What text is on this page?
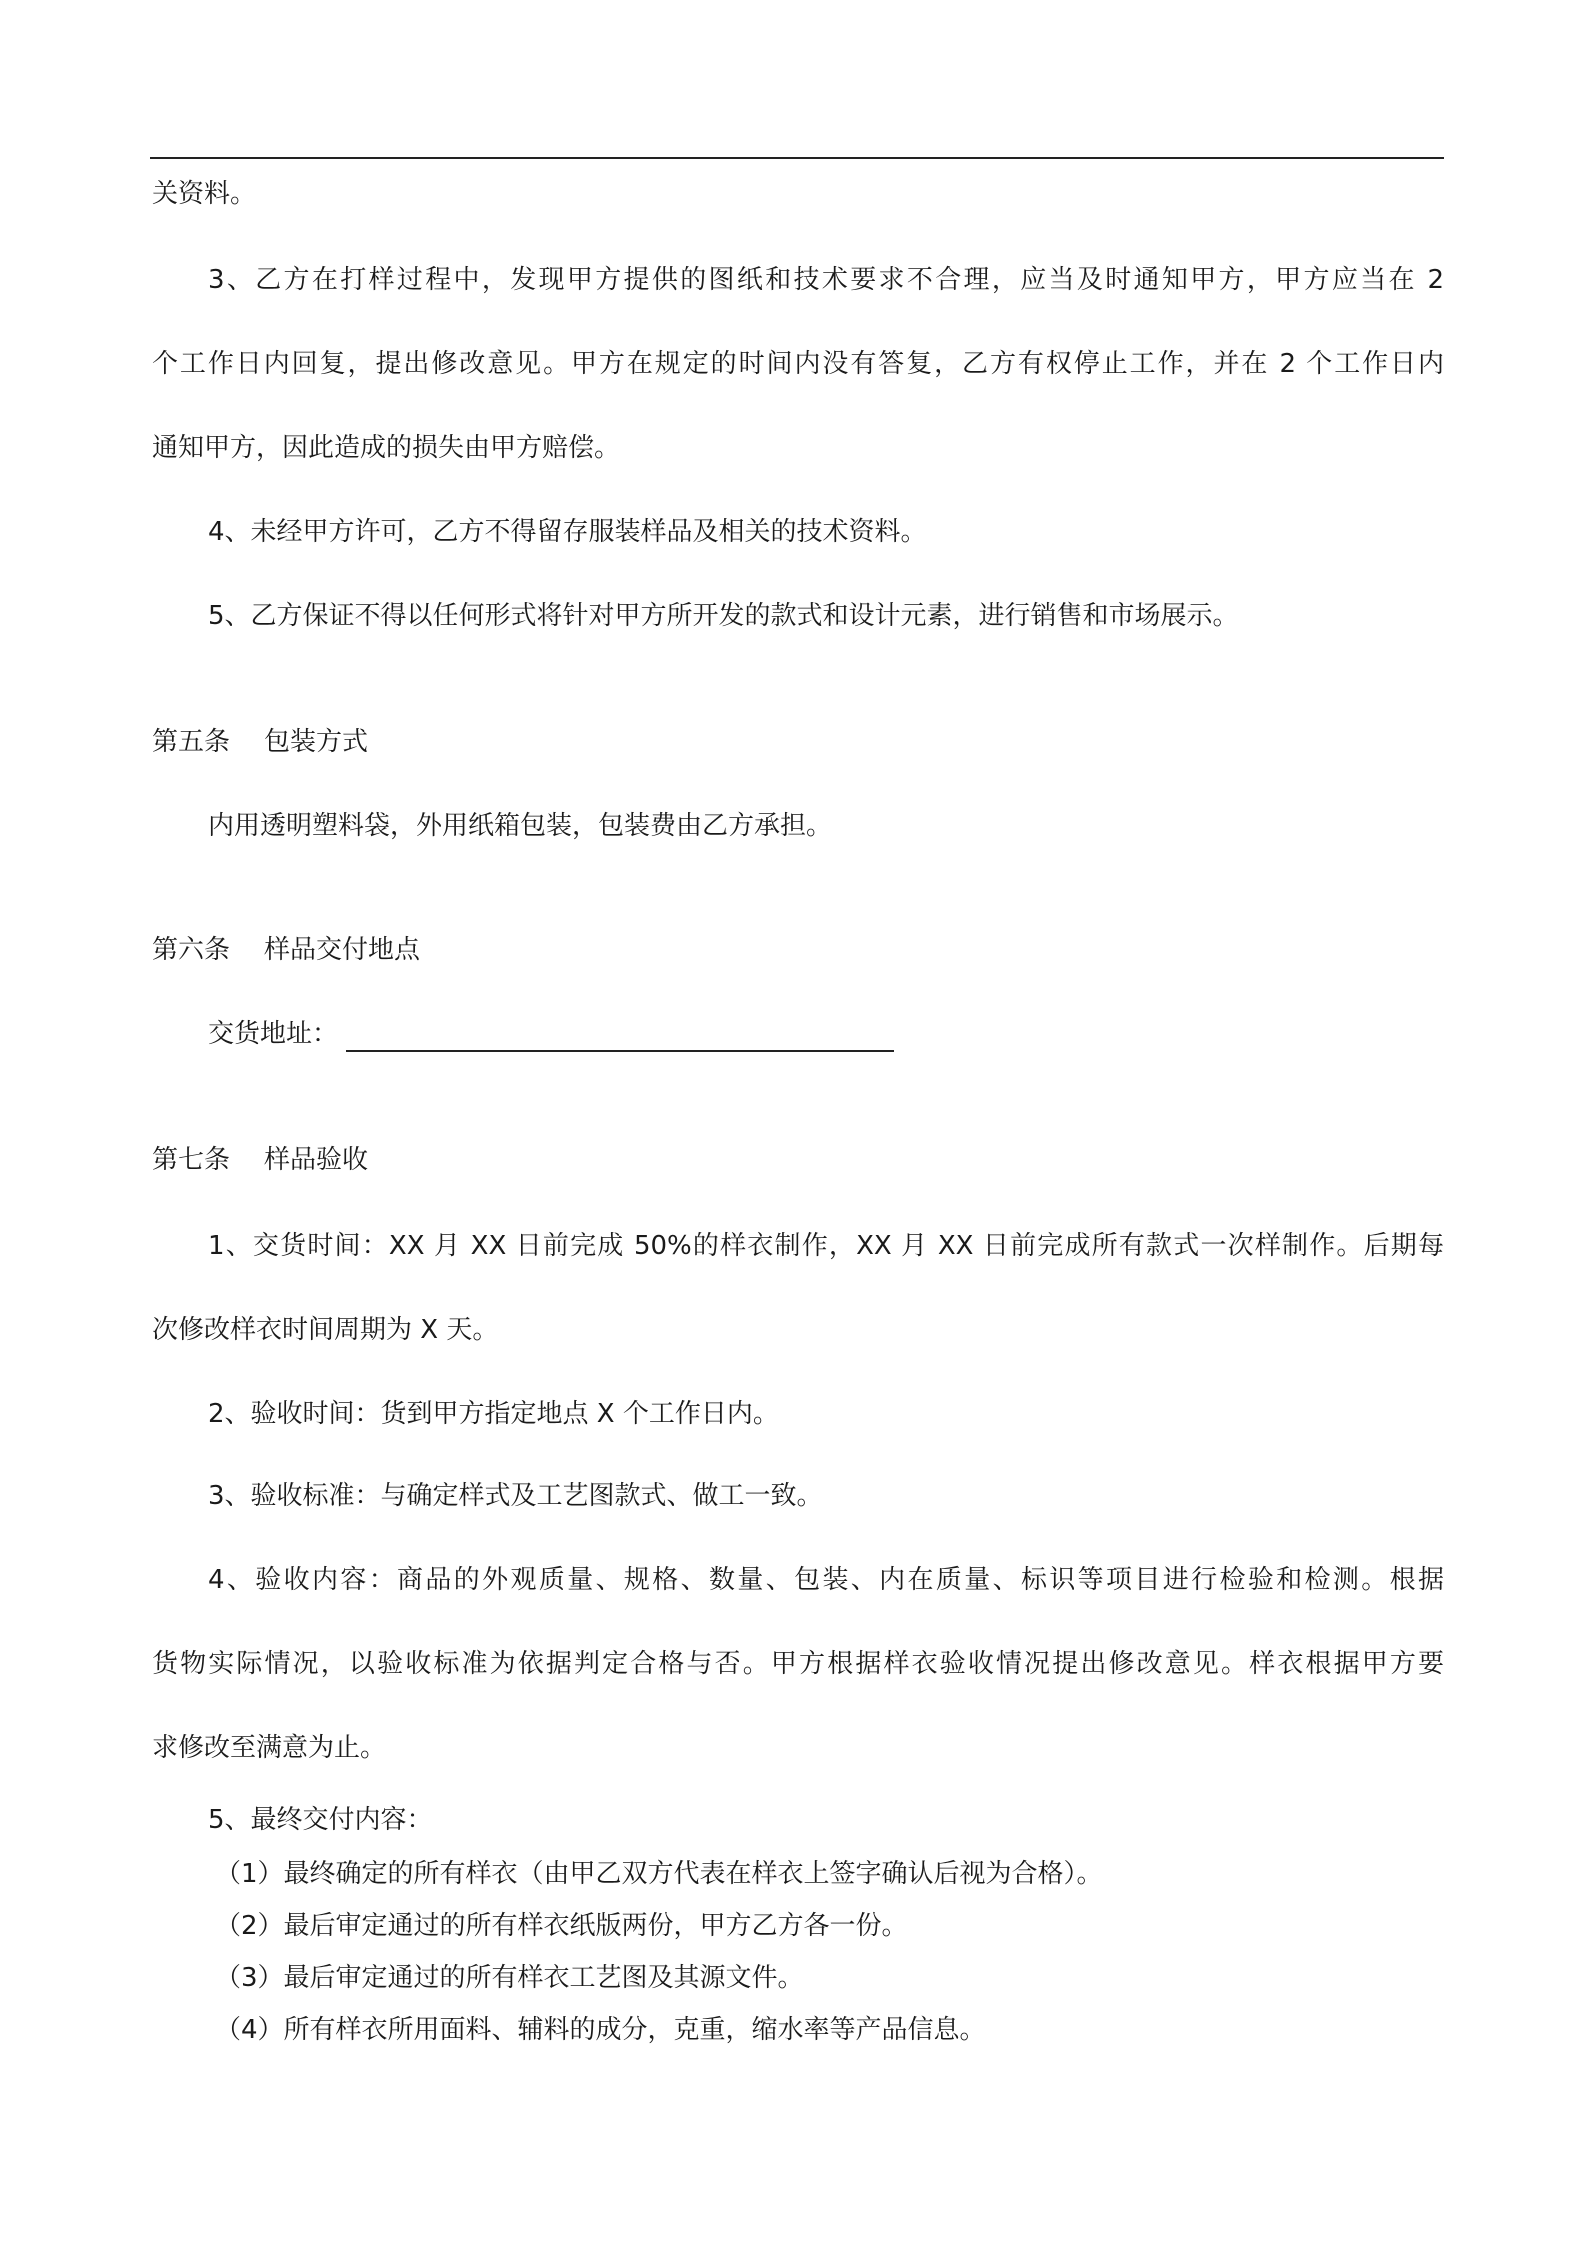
关资料。

3、乙方在打样过程中，发现甲方提供的图纸和技术要求不合理，应当及时通知甲方，甲方应当在 2

个工作日内回复，提出修改意见。甲方在规定的时间内没有答复，乙方有权停止工作，并在 2 个工作日内

通知甲方，因此造成的损失由甲方赔偿。

4、未经甲方许可，乙方不得留存服装样品及相关的技术资料。

5、乙方保证不得以任何形式将针对甲方所开发的款式和设计元素，进行销售和市场展示。

第五条 包装方式

内用透明塑料袋，外用纸箱包装，包装费由乙方承担。

第六条 样品交付地点

交货地址：

第七条 样品验收

1、交货时间：XX 月 XX 日前完成 50%的样衣制作，XX 月 XX 日前完成所有款式一次样制作。后期每

次修改样衣时间周期为 X 天。

2、验收时间：货到甲方指定地点 X 个工作日内。

3、验收标准：与确定样式及工艺图款式、做工一致。

4、验收内容：商品的外观质量、规格、数量、包装、内在质量、标识等项目进行检验和检测。根据

货物实际情况，以验收标准为依据判定合格与否。甲方根据样衣验收情况提出修改意见。样衣根据甲方要

求修改至满意为止。

5、最终交付内容：

（1）最终确定的所有样衣（由甲乙双方代表在样衣上签字确认后视为合格）。

（2）最后审定通过的所有样衣纸版两份，甲方乙方各一份。

（3）最后审定通过的所有样衣工艺图及其源文件。

（4）所有样衣所用面料、辅料的成分，克重，缩水率等产品信息。
